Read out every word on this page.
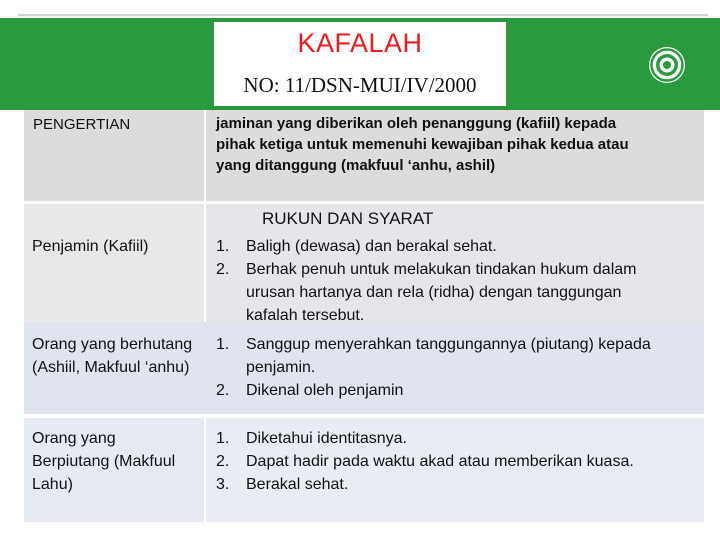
KAFALAH
NO: 11/DSN-MUI/IV/2000
PENGERTIAN	jaminan yang diberikan oleh penanggung (kafiil) kepada pihak ketiga untuk memenuhi kewajiban pihak kedua atau yang ditanggung (makfuul ‘anhu, ashil)
RUKUN DAN SYARAT
Penjamin (Kafiil)	1. Baligh (dewasa) dan berakal sehat.
2. Berhak penuh untuk melakukan tindakan hukum dalam urusan hartanya dan rela (ridha) dengan tanggungan kafalah tersebut.
Orang yang berhutang (Ashiil, Makfuul ‘anhu)
1. Sanggup menyerahkan tanggungannya (piutang) kepada penjamin.
2. Dikenal oleh penjamin
Orang yang Berpiutang (Makfuul Lahu)
1. Diketahui identitasnya.
2. Dapat hadir pada waktu akad atau memberikan kuasa.
3. Berakal sehat.
